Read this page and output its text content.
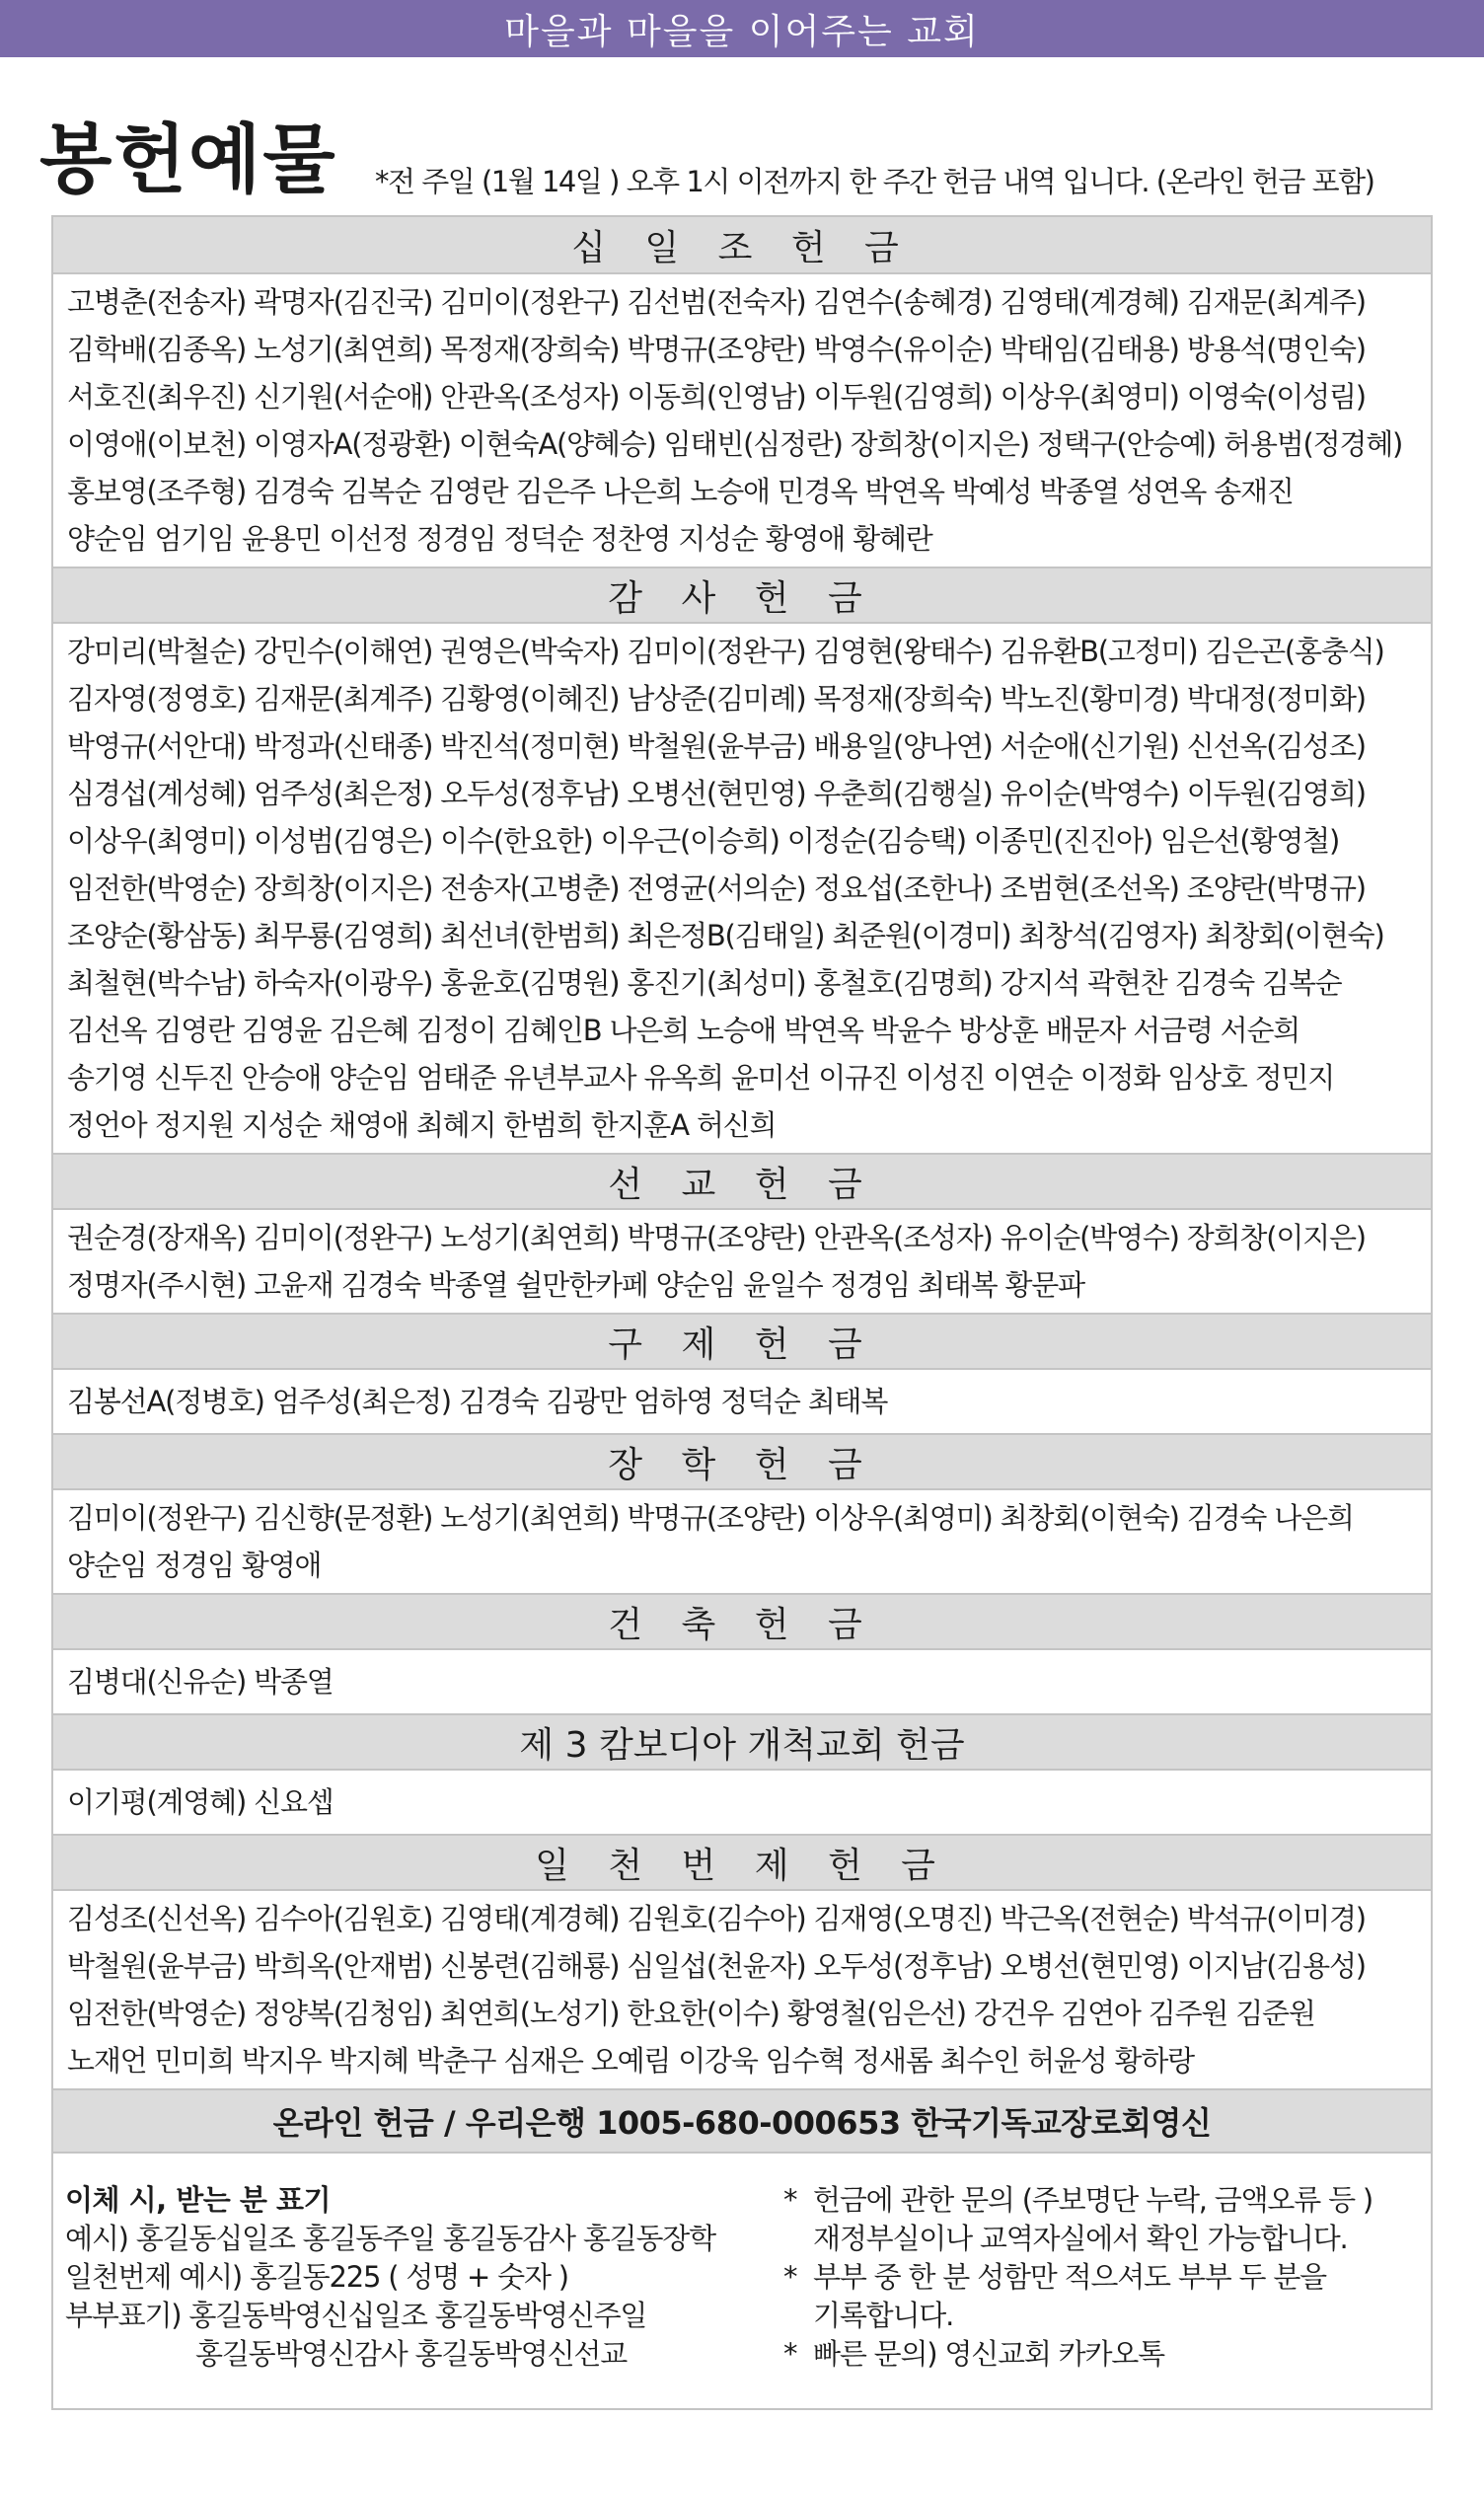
마을과 마을을 이어주는 교회
봉헌예물 *전 주일 (1월 14일 ) 오후 1시 이전까지 한 주간 헌금 내역 입니다. (온라인 헌금 포함)
십 일 조 헌 금
고병춘(전송자) 곽명자(김진국) 김미이(정완구) 김선범(전숙자) 김연수(송혜경) 김영태(계경혜) 김재문(최계주)
김학배(김종옥) 노성기(최연희) 목정재(장희숙) 박명규(조양란) 박영수(유이순) 박태임(김태용) 방용석(명인숙)
서호진(최우진) 신기원(서순애) 안관옥(조성자) 이동희(인영남) 이두원(김영희) 이상우(최영미) 이영숙(이성림)
이영애(이보천) 이영자A(정광환) 이현숙A(양혜승) 임태빈(심정란) 장희창(이지은) 정택구(안승예) 허용범(정경혜)
홍보영(조주형) 김경숙 김복순 김영란 김은주 나은희 노승애 민경옥 박연옥 박예성 박종열 성연옥 송재진
양순임 엄기임 윤용민 이선정 정경임 정덕순 정찬영 지성순 황영애 황혜란
감 사 헌 금
강미리(박철순) 강민수(이해연) 권영은(박숙자) 김미이(정완구) 김영현(왕태수) 김유환B(고정미) 김은곤(홍충식)
김자영(정영호) 김재문(최계주) 김황영(이혜진) 남상준(김미례) 목정재(장희숙) 박노진(황미경) 박대정(정미화)
박영규(서안대) 박정과(신태종) 박진석(정미현) 박철원(윤부금) 배용일(양나연) 서순애(신기원) 신선옥(김성조)
심경섭(계성혜) 엄주성(최은정) 오두성(정후남) 오병선(현민영) 우춘희(김행실) 유이순(박영수) 이두원(김영희)
이상우(최영미) 이성범(김영은) 이수(한요한) 이우근(이승희) 이정순(김승택) 이종민(진진아) 임은선(황영철)
임전한(박영순) 장희창(이지은) 전송자(고병춘) 전영균(서의순) 정요섭(조한나) 조범현(조선옥) 조양란(박명규)
조양순(황삼동) 최무룡(김영희) 최선녀(한범희) 최은정B(김태일) 최준원(이경미) 최창석(김영자) 최창회(이현숙)
최철현(박수남) 하숙자(이광우) 홍윤호(김명원) 홍진기(최성미) 홍철호(김명희) 강지석 곽현찬 김경숙 김복순
김선옥 김영란 김영윤 김은혜 김정이 김혜인B 나은희 노승애 박연옥 박윤수 방상훈 배문자 서금령 서순희
송기영 신두진 안승애 양순임 엄태준 유년부교사 유옥희 윤미선 이규진 이성진 이연순 이정화 임상호 정민지
정언아 정지원 지성순 채영애 최혜지 한범희 한지훈A 허신희
선 교 헌 금
권순경(장재옥) 김미이(정완구) 노성기(최연희) 박명규(조양란) 안관옥(조성자) 유이순(박영수) 장희창(이지은)
정명자(주시현) 고윤재 김경숙 박종열 쉴만한카페 양순임 윤일수 정경임 최태복 황문파
구 제 헌 금
김봉선A(정병호) 엄주성(최은정) 김경숙 김광만 엄하영 정덕순 최태복
장 학 헌 금
김미이(정완구) 김신향(문정환) 노성기(최연희) 박명규(조양란) 이상우(최영미) 최창회(이현숙) 김경숙 나은희
양순임 정경임 황영애
건 축 헌 금
김병대(신유순) 박종열
제 3 캄보디아 개척교회 헌금
이기평(계영혜) 신요셉
일 천 번 제 헌 금
김성조(신선옥) 김수아(김원호) 김영태(계경혜) 김원호(김수아) 김재영(오명진) 박근옥(전현순) 박석규(이미경)
박철원(윤부금) 박희옥(안재범) 신봉련(김해룡) 심일섭(천윤자) 오두성(정후남) 오병선(현민영) 이지남(김용성)
임전한(박영순) 정양복(김청임) 최연희(노성기) 한요한(이수) 황영철(임은선) 강건우 김연아 김주원 김준원
노재언 민미희 박지우 박지혜 박춘구 심재은 오예림 이강욱 임수혁 정새롬 최수인 허윤성 황하랑
온라인 헌금 / 우리은행 1005-680-000653 한국기독교장로회영신
이체 시, 받는 분 표기
예시) 홍길동십일조 홍길동주일 홍길동감사 홍길동장학
일천번제 예시) 홍길동225 ( 성명 + 숫자 )
부부표기) 홍길동박영신십일조 홍길동박영신주일
홍길동박영신감사 홍길동박영신선교
* 헌금에 관한 문의 (주보명단 누락, 금액오류 등 )
재정부실이나 교역자실에서 확인 가능합니다.
* 부부 중 한 분 성함만 적으셔도 부부 두 분을
기록합니다.
* 빠른 문의) 영신교회 카카오톡
